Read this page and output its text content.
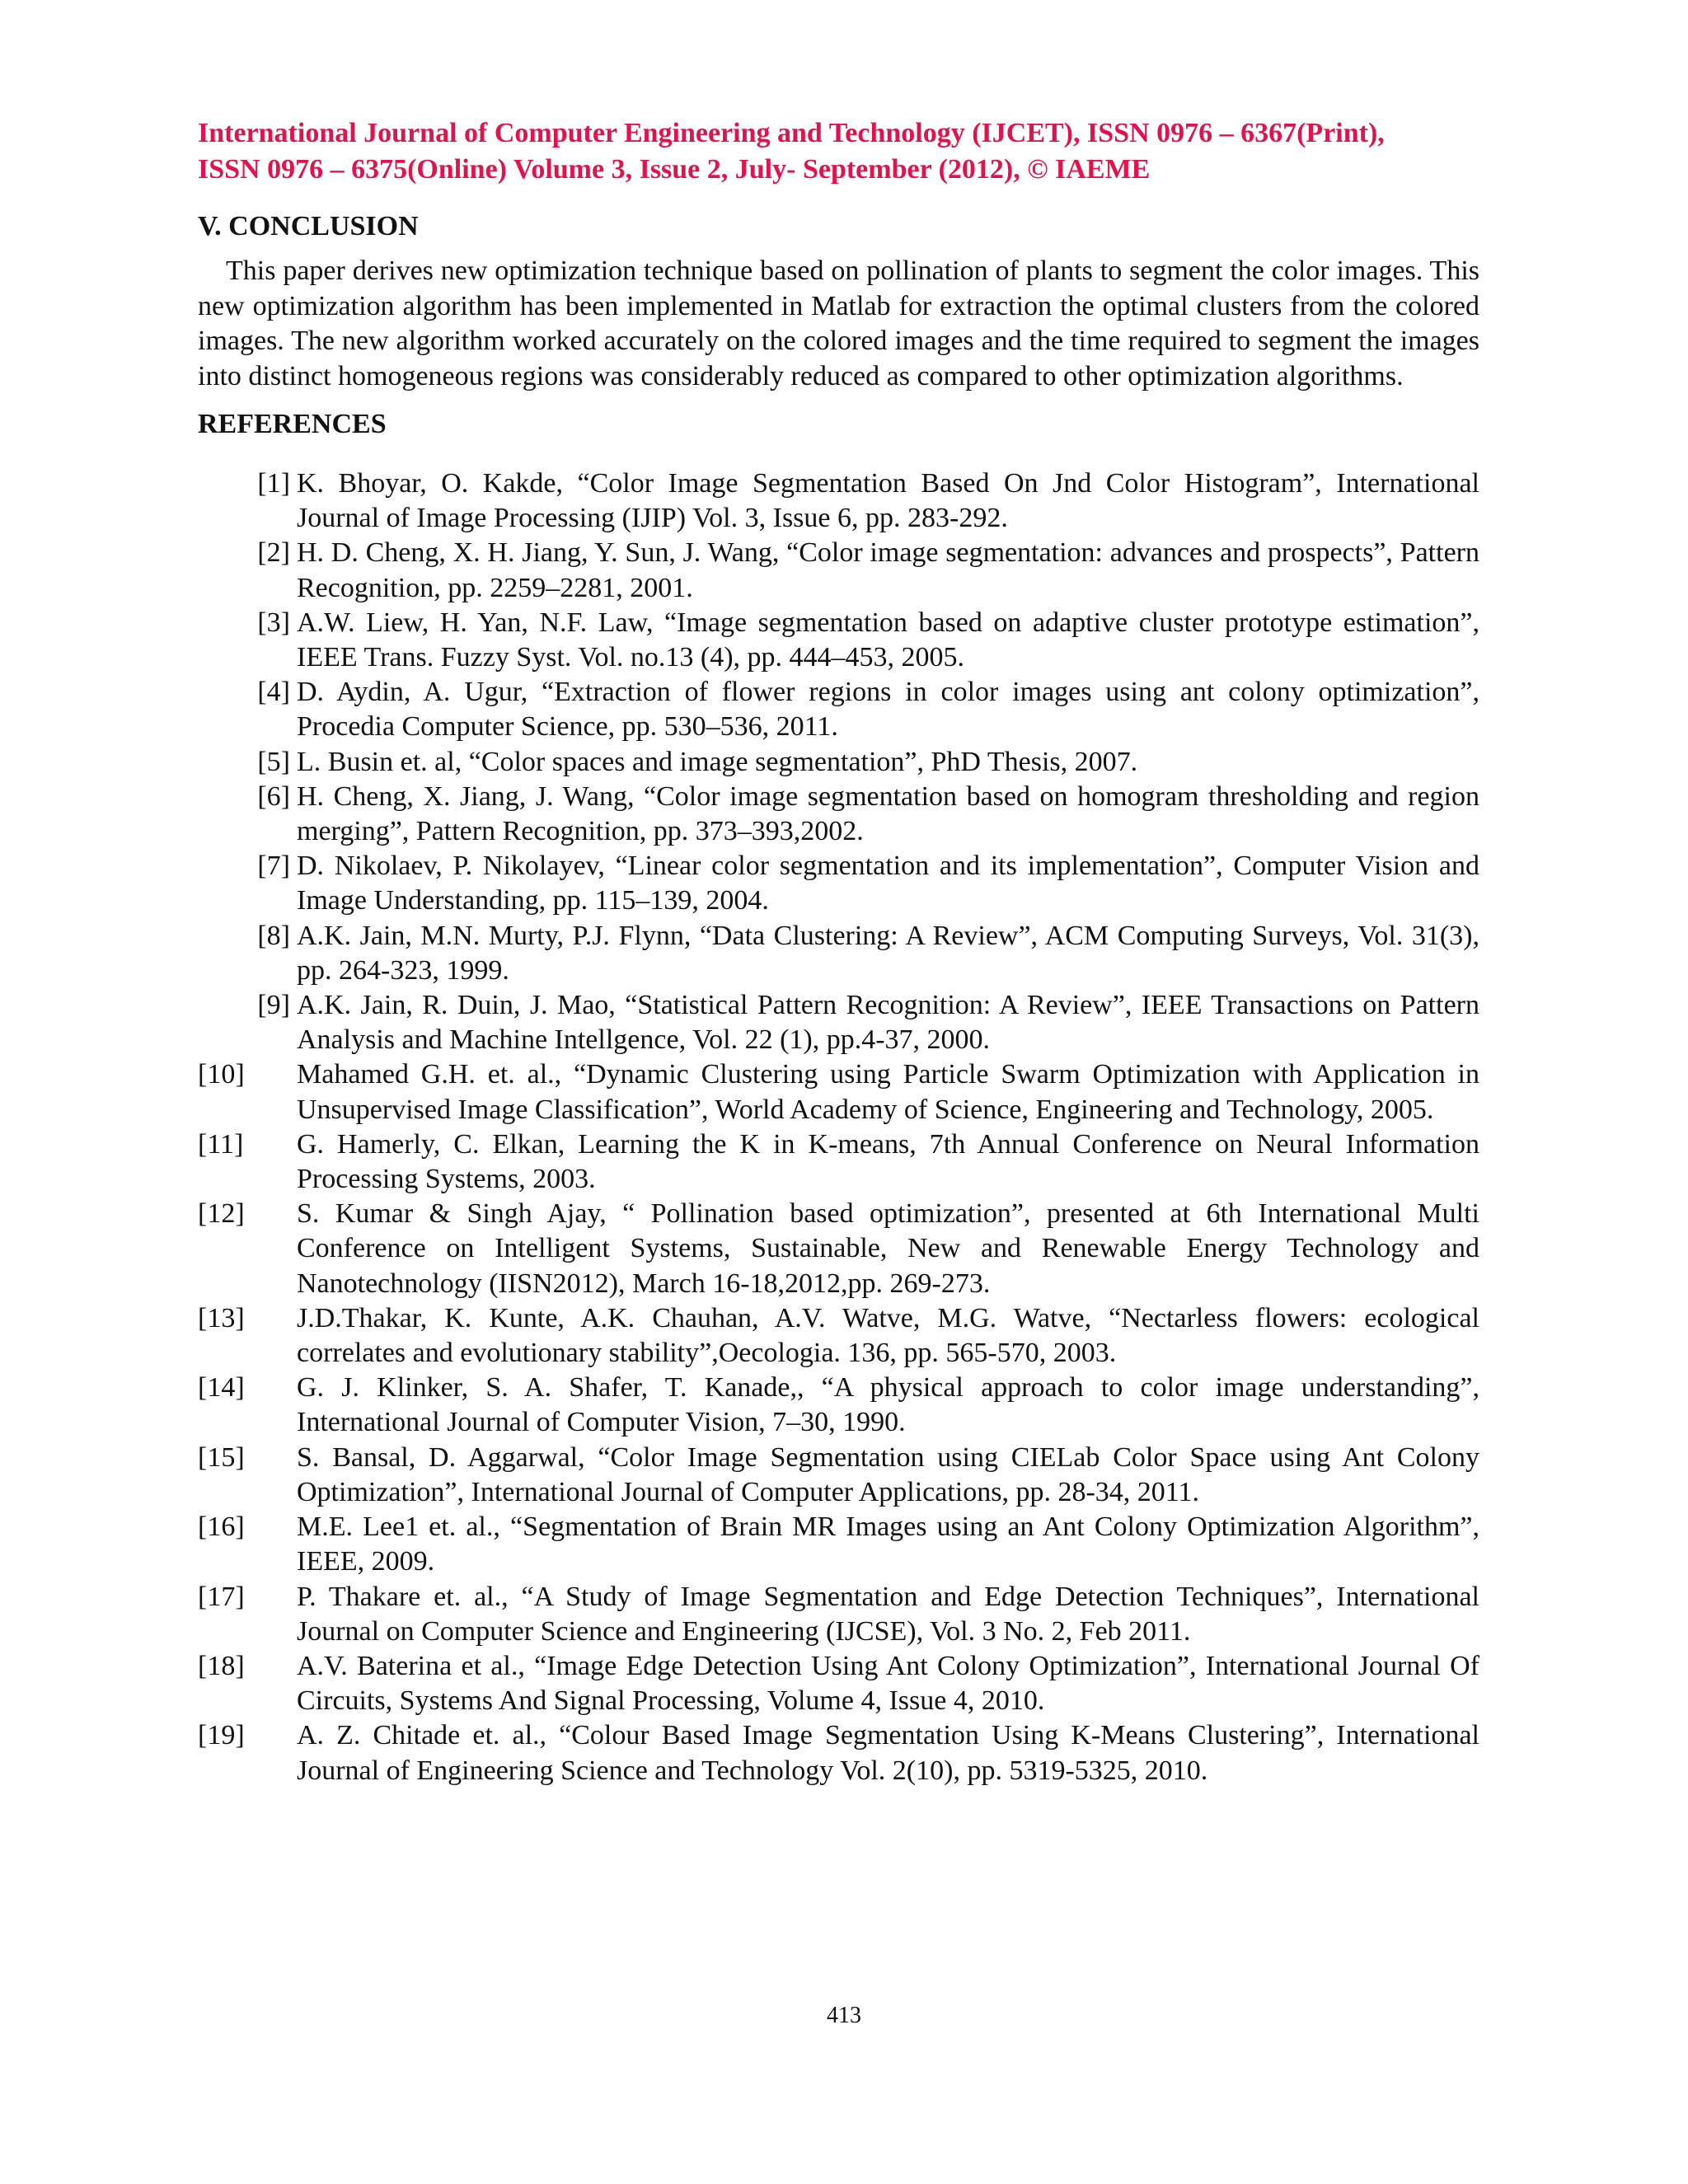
International Journal of Computer Engineering and Technology (IJCET), ISSN 0976 – 6367(Print),
ISSN 0976 – 6375(Online) Volume 3, Issue 2, July- September (2012), © IAEME

V. CONCLUSION

This paper derives new optimization technique based on pollination of plants to segment the color images. This new optimization algorithm has been implemented in Matlab for extraction the optimal clusters from the colored images. The new algorithm worked accurately on the colored images and the time required to segment the images into distinct homogeneous regions was considerably reduced as compared to other optimization algorithms.

REFERENCES
[1] K. Bhoyar, O. Kakde, “Color Image Segmentation Based On Jnd Color Histogram”, International Journal of Image Processing (IJIP) Vol. 3, Issue 6, pp. 283-292.
[2] H. D. Cheng, X. H. Jiang, Y. Sun, J. Wang, “Color image segmentation: advances and prospects”, Pattern Recognition, pp. 2259–2281, 2001.
[3] A.W. Liew, H. Yan, N.F. Law, “Image segmentation based on adaptive cluster prototype estimation”, IEEE Trans. Fuzzy Syst. Vol. no.13 (4), pp. 444–453, 2005.
[4] D. Aydin, A. Ugur, “Extraction of flower regions in color images using ant colony optimization”, Procedia Computer Science, pp. 530–536, 2011.
[5] L. Busin et. al, “Color spaces and image segmentation”, PhD Thesis, 2007.
[6] H. Cheng, X. Jiang, J. Wang, “Color image segmentation based on homogram thresholding and region merging”, Pattern Recognition, pp. 373–393,2002.
[7] D. Nikolaev, P. Nikolayev, “Linear color segmentation and its implementation”, Computer Vision and Image Understanding, pp. 115–139, 2004.
[8] A.K. Jain, M.N. Murty, P.J. Flynn, “Data Clustering: A Review”, ACM Computing Surveys, Vol. 31(3), pp. 264-323, 1999.
[9] A.K. Jain, R. Duin, J. Mao, “Statistical Pattern Recognition: A Review”, IEEE Transactions on Pattern Analysis and Machine Intellgence, Vol. 22 (1), pp.4-37, 2000.
[10]	Mahamed G.H. et. al., “Dynamic Clustering using Particle Swarm Optimization with Application in Unsupervised Image Classification”, World Academy of Science, Engineering and Technology, 2005.
[11]	G. Hamerly, C. Elkan, Learning the K in K-means, 7th Annual Conference on Neural Information Processing Systems, 2003.
[12]	S. Kumar & Singh Ajay, “ Pollination based optimization”, presented at 6th International Multi Conference on Intelligent Systems, Sustainable, New and Renewable Energy Technology and Nanotechnology (IISN2012), March 16-18,2012,pp. 269-273.
[13]	J.D.Thakar, K. Kunte, A.K. Chauhan, A.V. Watve, M.G. Watve, “Nectarless flowers: ecological correlates and evolutionary stability”,Oecologia. 136, pp. 565-570, 2003.
[14]	G. J. Klinker, S. A. Shafer, T. Kanade,, “A physical approach to color image understanding”, International Journal of Computer Vision, 7–30, 1990.
[15]	S. Bansal, D. Aggarwal, “Color Image Segmentation using CIELab Color Space using Ant Colony Optimization”, International Journal of Computer Applications, pp. 28-34, 2011.
[16]	M.E. Lee1 et. al., “Segmentation of Brain MR Images using an Ant Colony Optimization Algorithm”, IEEE, 2009.
[17]	P. Thakare et. al., “A Study of Image Segmentation and Edge Detection Techniques”, International Journal on Computer Science and Engineering (IJCSE), Vol. 3 No. 2, Feb 2011.
[18]	A.V. Baterina et al., “Image Edge Detection Using Ant Colony Optimization”, International Journal Of Circuits, Systems And Signal Processing, Volume 4, Issue 4, 2010.
[19]	A. Z. Chitade et. al., “Colour Based Image Segmentation Using K-Means Clustering”, International Journal of Engineering Science and Technology Vol. 2(10), pp. 5319-5325, 2010.
413
